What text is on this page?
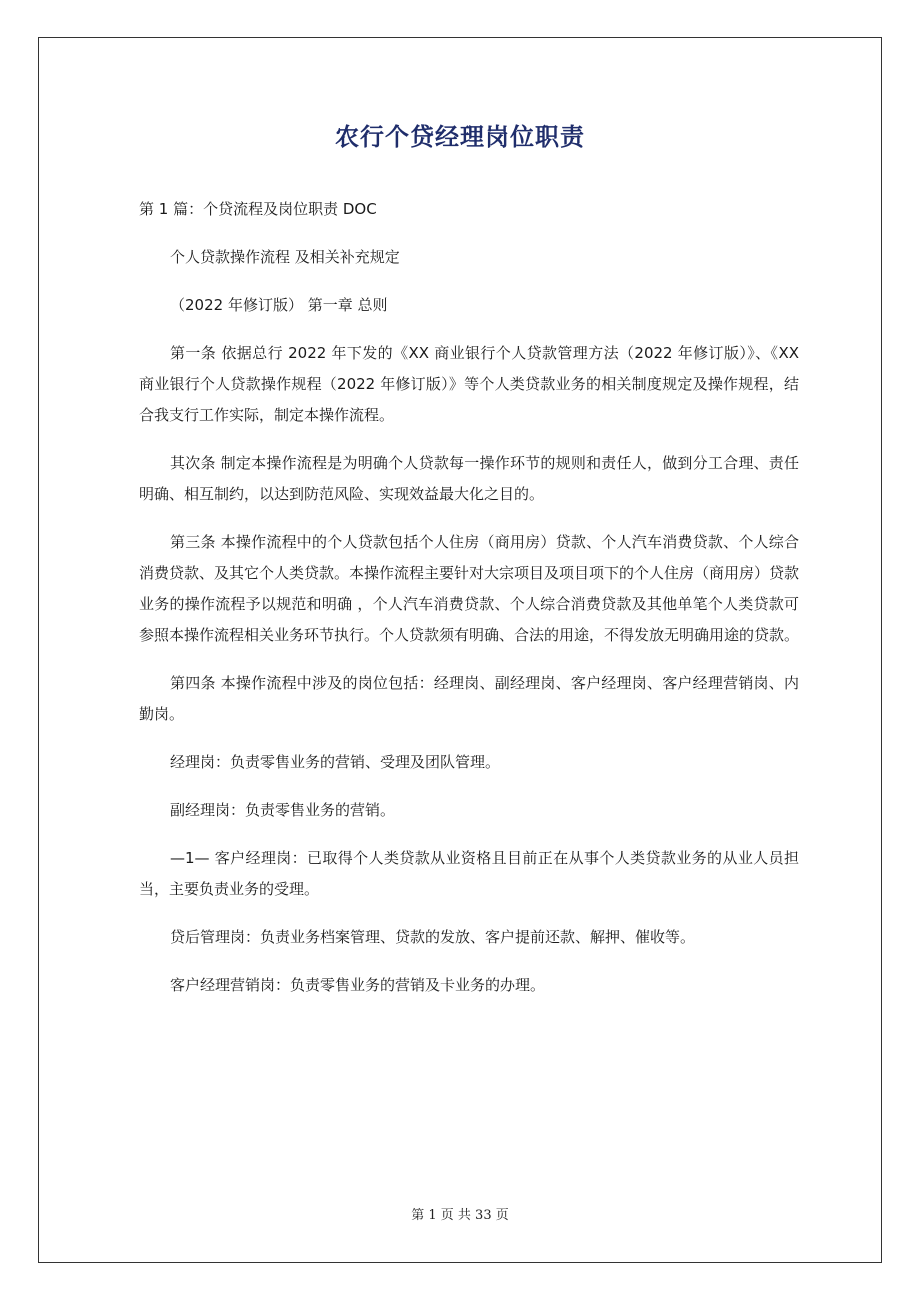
农行个贷经理岗位职责

第 1 篇：个贷流程及岗位职责 DOC

个人贷款操作流程 及相关补充规定

（2022 年修订版） 第一章 总则

第一条 依据总行 2022 年下发的《XX 商业银行个人贷款管理方法（2022 年修订版）》、《XX 商业银行个人贷款操作规程（2022 年修订版）》等个人类贷款业务的相关制度规定及操作规程，结合我支行工作实际，制定本操作流程。

其次条 制定本操作流程是为明确个人贷款每一操作环节的规则和责任人，做到分工合理、责任明确、相互制约，以达到防范风险、实现效益最大化之目的。

第三条 本操作流程中的个人贷款包括个人住房（商用房）贷款、个人汽车消费贷款、个人综合消费贷款、及其它个人类贷款。本操作流程主要针对大宗项目及项目项下的个人住房（商用房）贷款业务的操作流程予以规范和明确 ，个人汽车消费贷款、个人综合消费贷款及其他单笔个人类贷款可参照本操作流程相关业务环节执行。个人贷款须有明确、合法的用途，不得发放无明确用途的贷款。

第四条 本操作流程中涉及的岗位包括：经理岗、副经理岗、客户经理岗、客户经理营销岗、内勤岗。

经理岗：负责零售业务的营销、受理及团队管理。

副经理岗：负责零售业务的营销。

—1— 客户经理岗：已取得个人类贷款从业资格且目前正在从事个人类贷款业务的从业人员担当，主要负责业务的受理。

贷后管理岗：负责业务档案管理、贷款的发放、客户提前还款、解押、催收等。

客户经理营销岗：负责零售业务的营销及卡业务的办理。

第 1 页 共 33 页
